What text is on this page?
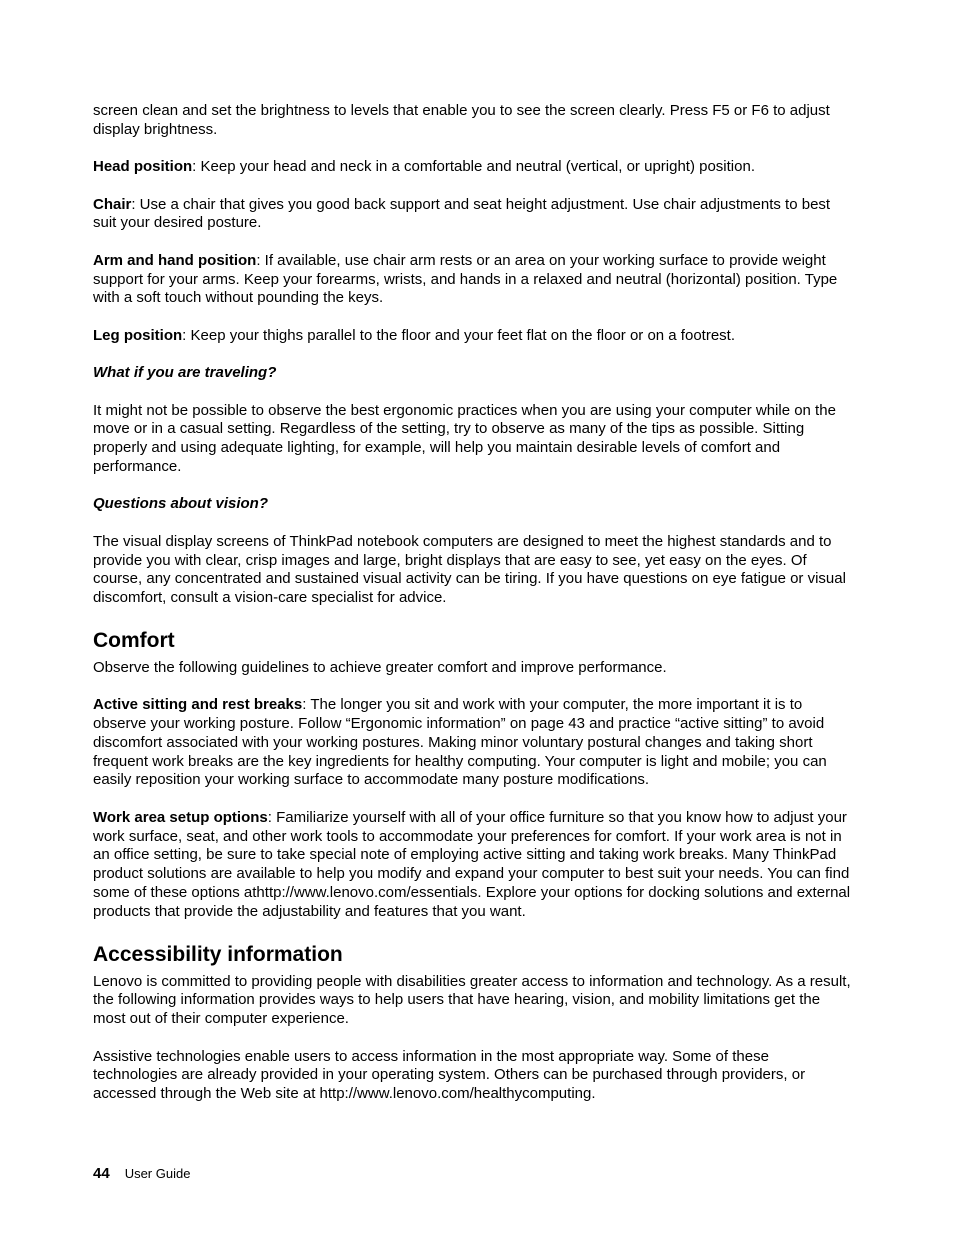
screen clean and set the brightness to levels that enable you to see the screen clearly. Press F5 or F6 to adjust display brightness.

Head position: Keep your head and neck in a comfortable and neutral (vertical, or upright) position.

Chair: Use a chair that gives you good back support and seat height adjustment. Use chair adjustments to best suit your desired posture.

Arm and hand position: If available, use chair arm rests or an area on your working surface to provide weight support for your arms. Keep your forearms, wrists, and hands in a relaxed and neutral (horizontal) position. Type with a soft touch without pounding the keys.

Leg position: Keep your thighs parallel to the floor and your feet flat on the floor or on a footrest.

What if you are traveling?

It might not be possible to observe the best ergonomic practices when you are using your computer while on the move or in a casual setting. Regardless of the setting, try to observe as many of the tips as possible. Sitting properly and using adequate lighting, for example, will help you maintain desirable levels of comfort and performance.

Questions about vision?

The visual display screens of ThinkPad notebook computers are designed to meet the highest standards and to provide you with clear, crisp images and large, bright displays that are easy to see, yet easy on the eyes. Of course, any concentrated and sustained visual activity can be tiring. If you have questions on eye fatigue or visual discomfort, consult a vision-care specialist for advice.

Comfort

Observe the following guidelines to achieve greater comfort and improve performance.

Active sitting and rest breaks: The longer you sit and work with your computer, the more important it is to observe your working posture. Follow “Ergonomic information” on page 43 and practice “active sitting” to avoid discomfort associated with your working postures. Making minor voluntary postural changes and taking short frequent work breaks are the key ingredients for healthy computing. Your computer is light and mobile; you can easily reposition your working surface to accommodate many posture modifications.

Work area setup options: Familiarize yourself with all of your office furniture so that you know how to adjust your work surface, seat, and other work tools to accommodate your preferences for comfort. If your work area is not in an office setting, be sure to take special note of employing active sitting and taking work breaks. Many ThinkPad product solutions are available to help you modify and expand your computer to best suit your needs. You can find some of these options athttp://www.lenovo.com/essentials. Explore your options for docking solutions and external products that provide the adjustability and features that you want.

Accessibility information

Lenovo is committed to providing people with disabilities greater access to information and technology. As a result, the following information provides ways to help users that have hearing, vision, and mobility limitations get the most out of their computer experience.

Assistive technologies enable users to access information in the most appropriate way. Some of these technologies are already provided in your operating system. Others can be purchased through providers, or accessed through the Web site at http://www.lenovo.com/healthycomputing.

44 User Guide
